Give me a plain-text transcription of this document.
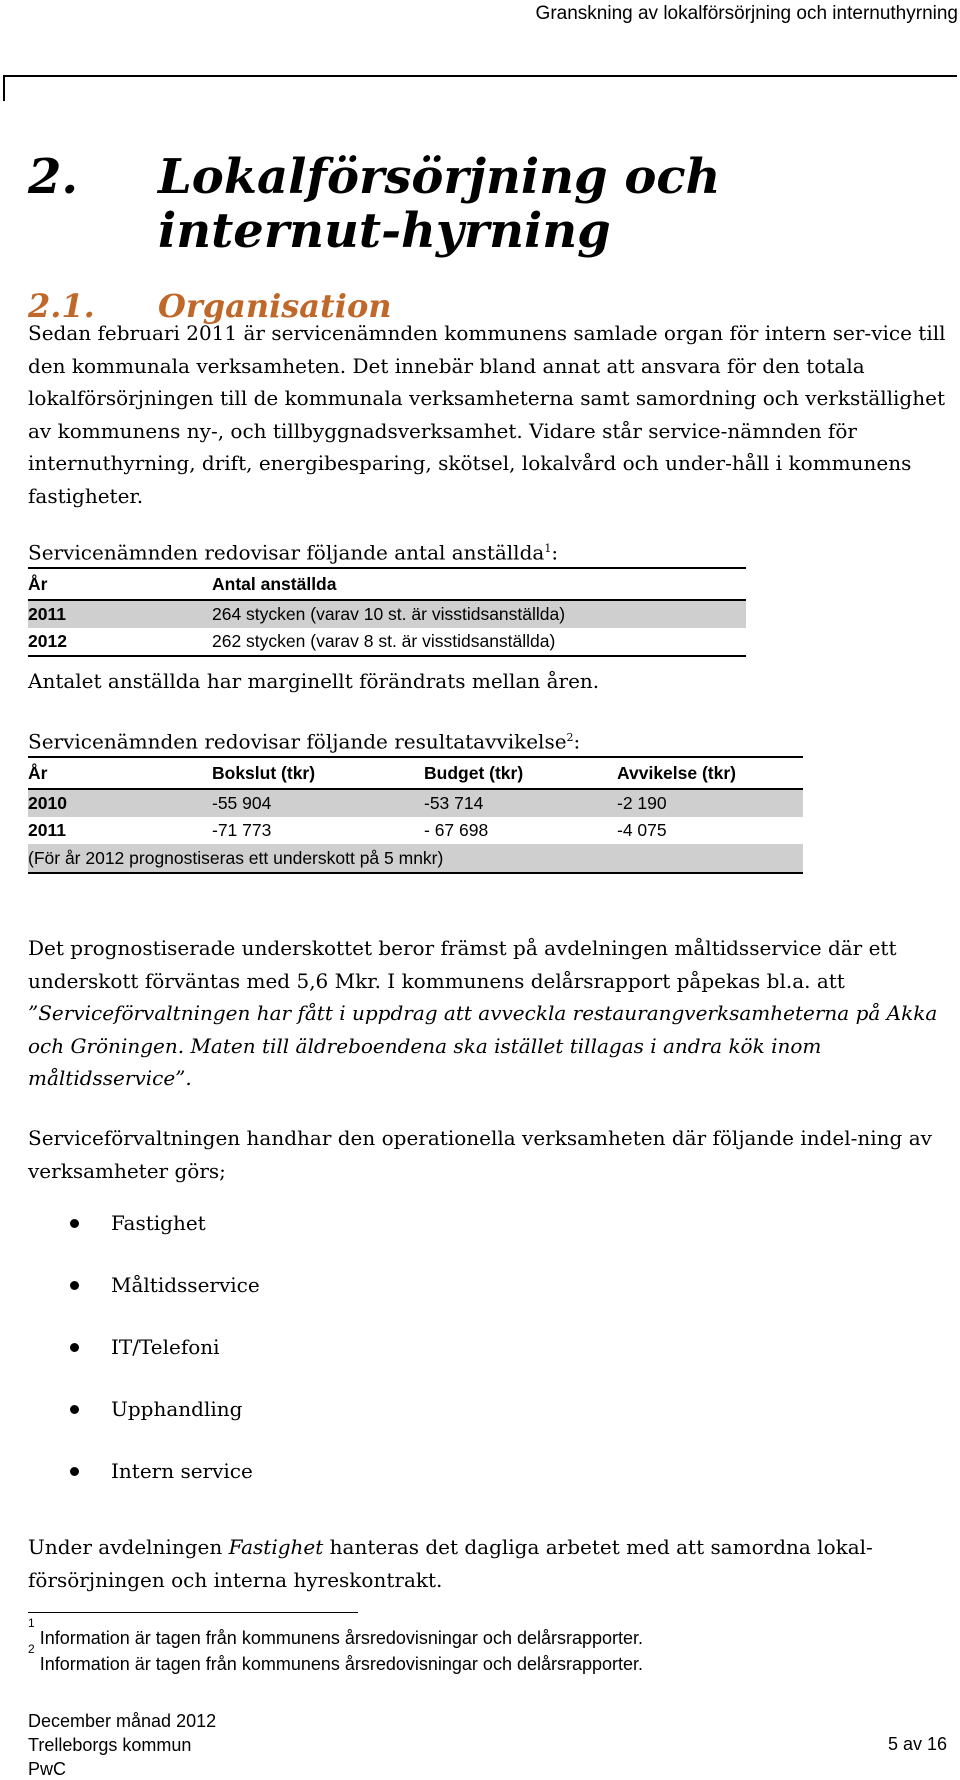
Granskning av lokalförsörjning och internuthyrning
2. Lokalförsörjning och internut-hyrning
2.1. Organisation
Sedan februari 2011 är servicenämnden kommunens samlade organ för intern ser-vice till den kommunala verksamheten. Det innebär bland annat att ansvara för den totala lokalförsörjningen till de kommunala verksamheterna samt samordning och verkställighet av kommunens ny-, och tillbyggnadsverksamhet. Vidare står service-nämnden för internuthyrning, drift, energibesparing, skötsel, lokalvård och under-håll i kommunens fastigheter.
Servicenämnden redovisar följande antal anställda$^1$:
År	Antal anställda
2011	264 stycken (varav 10 st. är visstidsanställda)
2012	262 stycken (varav 8 st. är visstidsanställda)
Antalet anställda har marginellt förändrats mellan åren.
Servicenämnden redovisar följande resultatavvikelse$^2$:
År	Bokslut (tkr)	Budget (tkr)	Avvikelse (tkr)
2010	-55 904	-53 714	-2 190
2011	-71 773	- 67 698	-4 075
(För år 2012 prognostiseras ett underskott på 5 mnkr)			
Det prognostiserade underskottet beror främst på avdelningen måltidsservice där ett underskott förväntas med 5,6 Mkr. I kommunens delårsrapport påpekas bl.a. att ”Serviceförvaltningen har fått i uppdrag att avveckla restaurangverksamheterna på Akka och Gröningen. Maten till äldreboendena ska istället tillagas i andra kök inom måltidsservice”.
Serviceförvaltningen handhar den operationella verksamheten där följande indel-ning av verksamheter görs;
Fastighet
Måltidsservice
IT/Telefoni
Upphandling
Intern service
Under avdelningen Fastighet hanteras det dagliga arbetet med att samordna lokal-försörjningen och interna hyreskontrakt.
$^1$ Information är tagen från kommunens årsredovisningar och delårsrapporter.
$^2$ Information är tagen från kommunens årsredovisningar och delårsrapporter.
December månad 2012
Trelleborgs kommun
PwC
5 av 16
